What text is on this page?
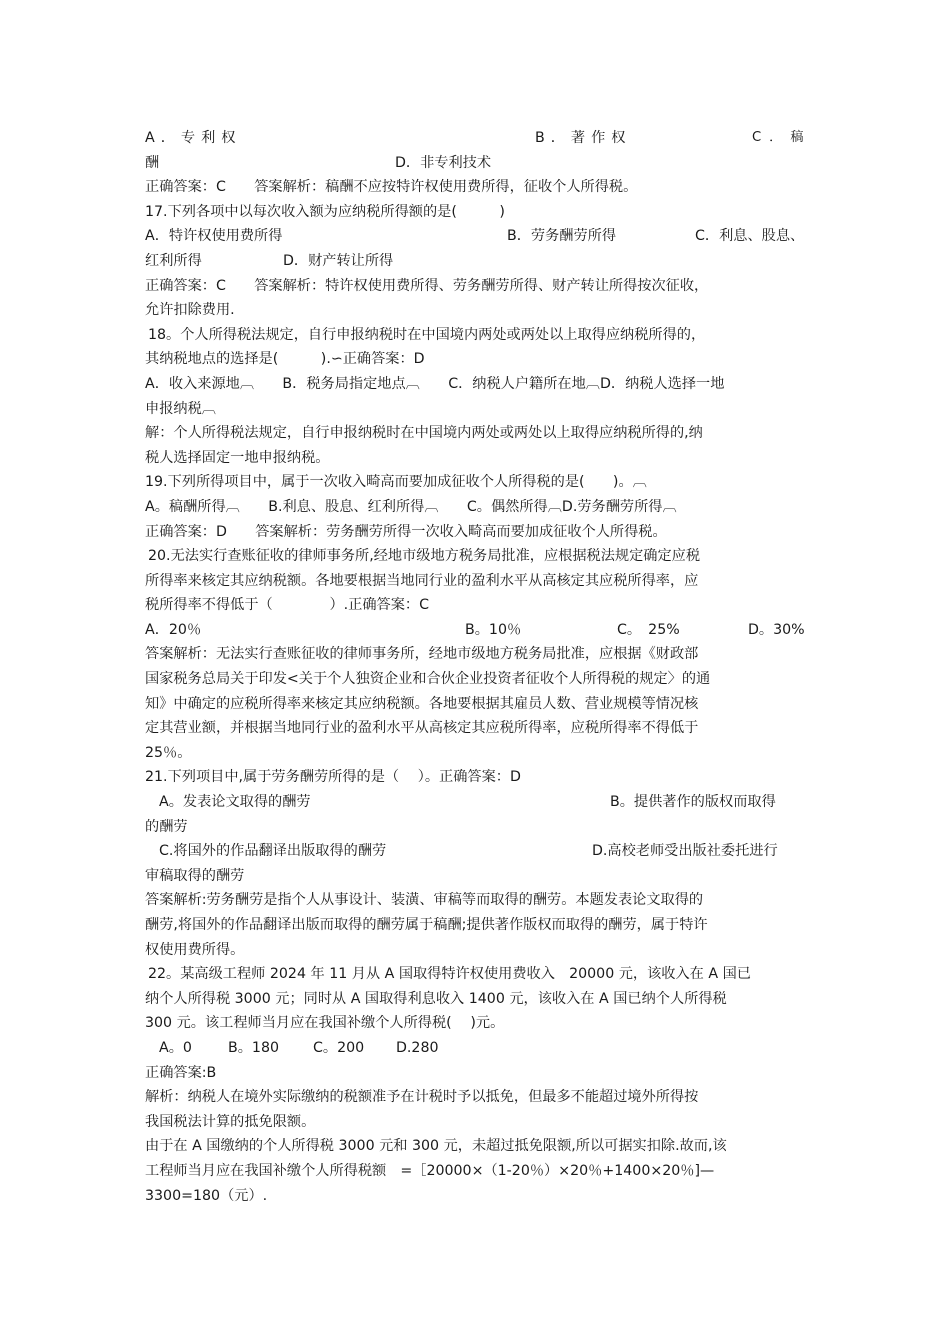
A．专利权	B．著作权	C．稿
酬	D．非专利技术
正确答案：C　　答案解析：稿酬不应按特许权使用费所得，征收个人所得税。
17.下列各项中以每次收入额为应纳税所得额的是(　　　)
A．特许权使用费所得	B．劳务酬劳所得	C．利息、股息、
红利所得	D．财产转让所得
正确答案：C　　答案解析：特许权使用费所得、劳务酬劳所得、财产转让所得按次征收，
允许扣除费用.
18。个人所得税法规定，自行申报纳税时在中国境内两处或两处以上取得应纳税所得的，
其纳税地点的选择是(　　　).∽正确答案：D
A．收入来源地︹　　B．税务局指定地点︹　　C．纳税人户籍所在地︹D．纳税人选择一地
申报纳税︹
解：个人所得税法规定，自行申报纳税时在中国境内两处或两处以上取得应纳税所得的,纳
税人选择固定一地申报纳税。
19.下列所得项目中，属于一次收入畸高而要加成征收个人所得税的是(　　)。︹
A。稿酬所得︹　　B.利息、股息、红利所得︹　　C。偶然所得︹D.劳务酬劳所得︹
正确答案：D　　答案解析：劳务酬劳所得一次收入畸高而要加成征收个人所得税。
20.无法实行查账征收的律师事务所,经地市级地方税务局批准，应根据税法规定确定应税
所得率来核定其应纳税额。各地要根据当地同行业的盈利水平从高核定其应税所得率，应
税所得率不得低于（　　　　）.正确答案：C
A．20％	B。10％	C。　25%	D。30%
答案解析：无法实行查账征收的律师事务所，经地市级地方税务局批准，应根据《财政部
国家税务总局关于印发<关于个人独资企业和合伙企业投资者征收个人所得税的规定〉的通
知》中确定的应税所得率来核定其应纳税额。各地要根据其雇员人数、营业规模等情况核
定其营业额，并根据当地同行业的盈利水平从高核定其应税所得率，应税所得率不得低于
25％。
21.下列项目中,属于劳务酬劳所得的是（　 ）。正确答案：D
A。发表论文取得的酬劳	B。提供著作的版权而取得
的酬劳
C.将国外的作品翻译出版取得的酬劳	D.高校老师受出版社委托进行
审稿取得的酬劳
答案解析:劳务酬劳是指个人从事设计、装潢、审稿等而取得的酬劳。本题发表论文取得的
酬劳,将国外的作品翻译出版而取得的酬劳属于稿酬;提供著作版权而取得的酬劳，属于特许
权使用费所得。
22。某高级工程师 2024 年 11 月从 A 国取得特许权使用费收入　20000 元，该收入在 A 国已
纳个人所得税 3000 元；同时从 A 国取得利息收入 1400 元，该收入在 A 国已纳个人所得税
300 元。该工程师当月应在我国补缴个人所得税(　 )元。
A。0	B。180 C。200 D.280
正确答案:B
解析：纳税人在境外实际缴纳的税额准予在计税时予以抵免，但最多不能超过境外所得按
我国税法计算的抵免限额。
由于在 A 国缴纳的个人所得税 3000 元和 300 元，未超过抵免限额,所以可据实扣除.故而,该
工程师当月应在我国补缴个人所得税额　=［20000×（1-20％）×20％+1400×20％]—
3300=180（元）.
